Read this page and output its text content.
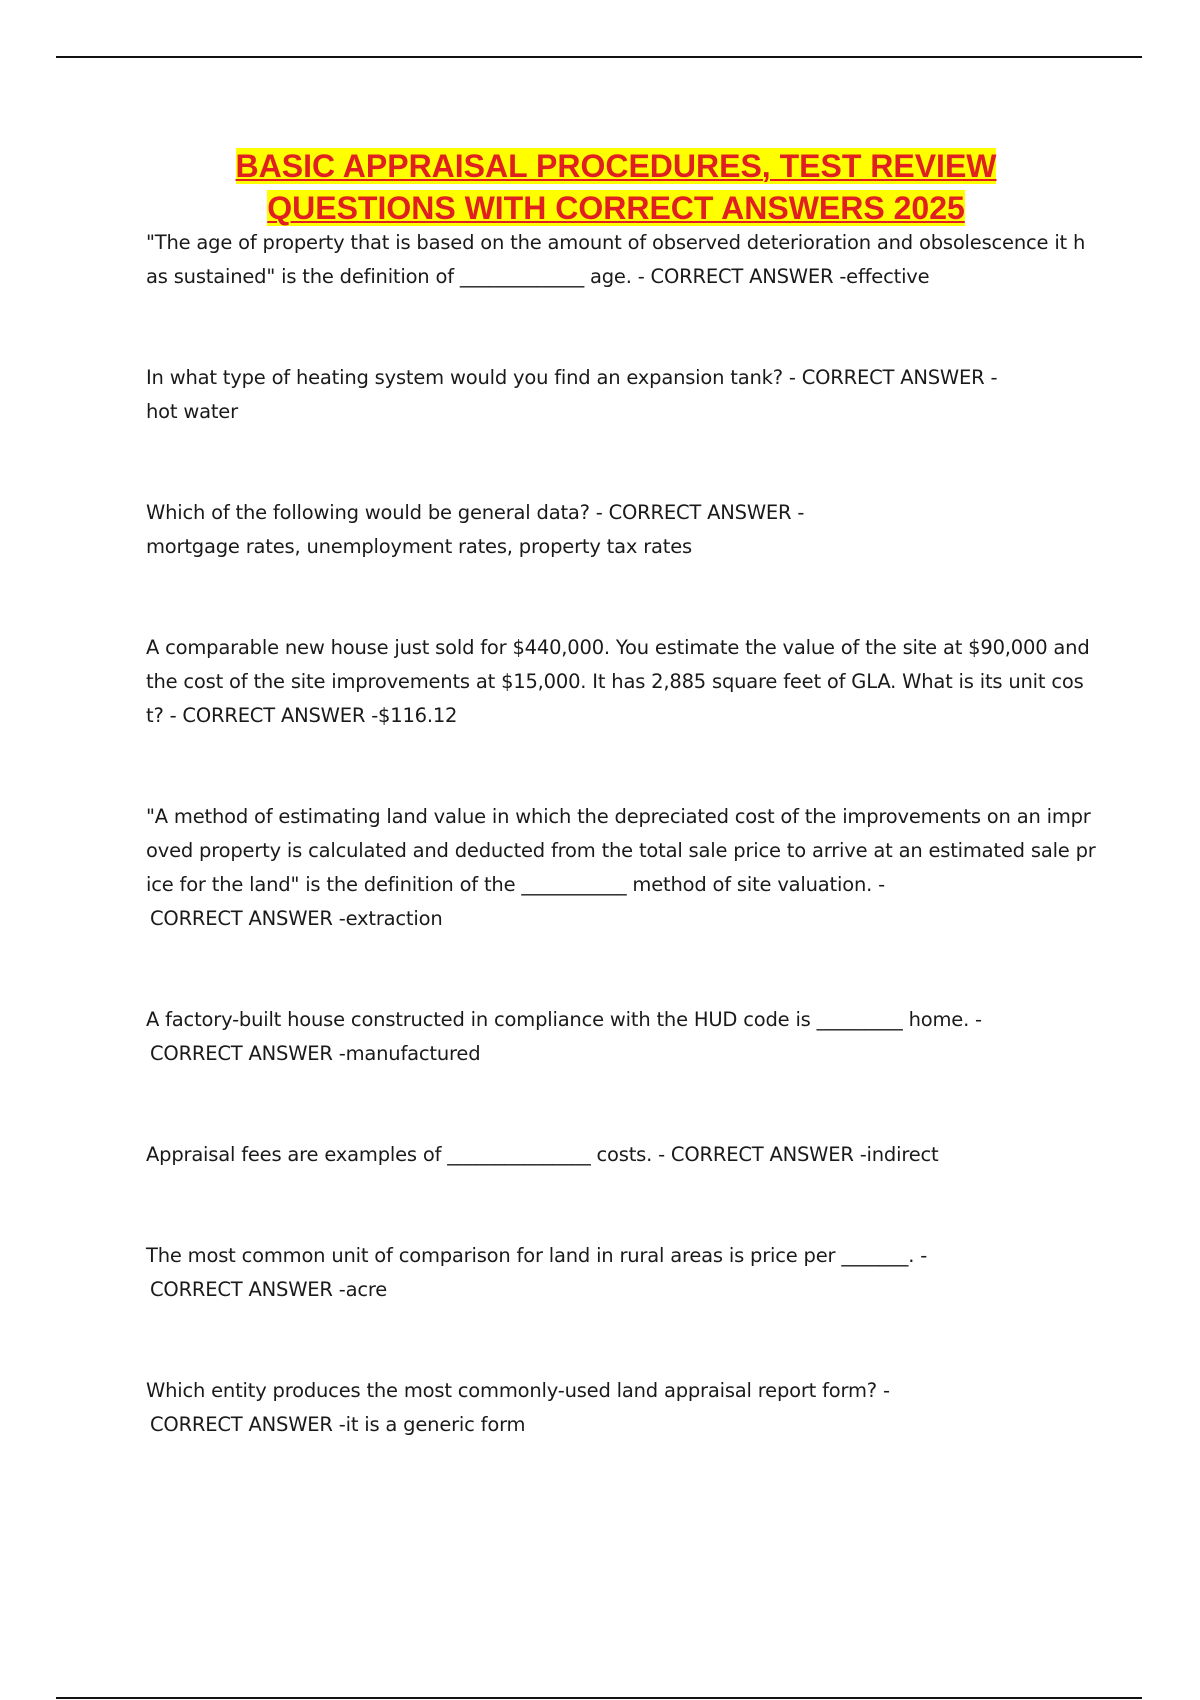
BASIC APPRAISAL PROCEDURES, TEST REVIEW QUESTIONS WITH CORRECT ANSWERS 2025

"The age of property that is based on the amount of observed deterioration and obsolescence it has sustained" is the definition of _____________ age. - CORRECT ANSWER -effective

In what type of heating system would you find an expansion tank? - CORRECT ANSWER -
hot water

Which of the following would be general data? - CORRECT ANSWER -
mortgage rates, unemployment rates, property tax rates

A comparable new house just sold for $440,000. You estimate the value of the site at $90,000 and the cost of the site improvements at $15,000. It has 2,885 square feet of GLA. What is its unit cost? - CORRECT ANSWER -$116.12

"A method of estimating land value in which the depreciated cost of the improvements on an improved property is calculated and deducted from the total sale price to arrive at an estimated sale price for the land" is the definition of the ___________ method of site valuation. -
CORRECT ANSWER -extraction

A factory-built house constructed in compliance with the HUD code is _________ home. -
CORRECT ANSWER -manufactured

Appraisal fees are examples of _______________ costs. - CORRECT ANSWER -indirect

The most common unit of comparison for land in rural areas is price per _______. -
CORRECT ANSWER -acre

Which entity produces the most commonly-used land appraisal report form? -
CORRECT ANSWER -it is a generic form
